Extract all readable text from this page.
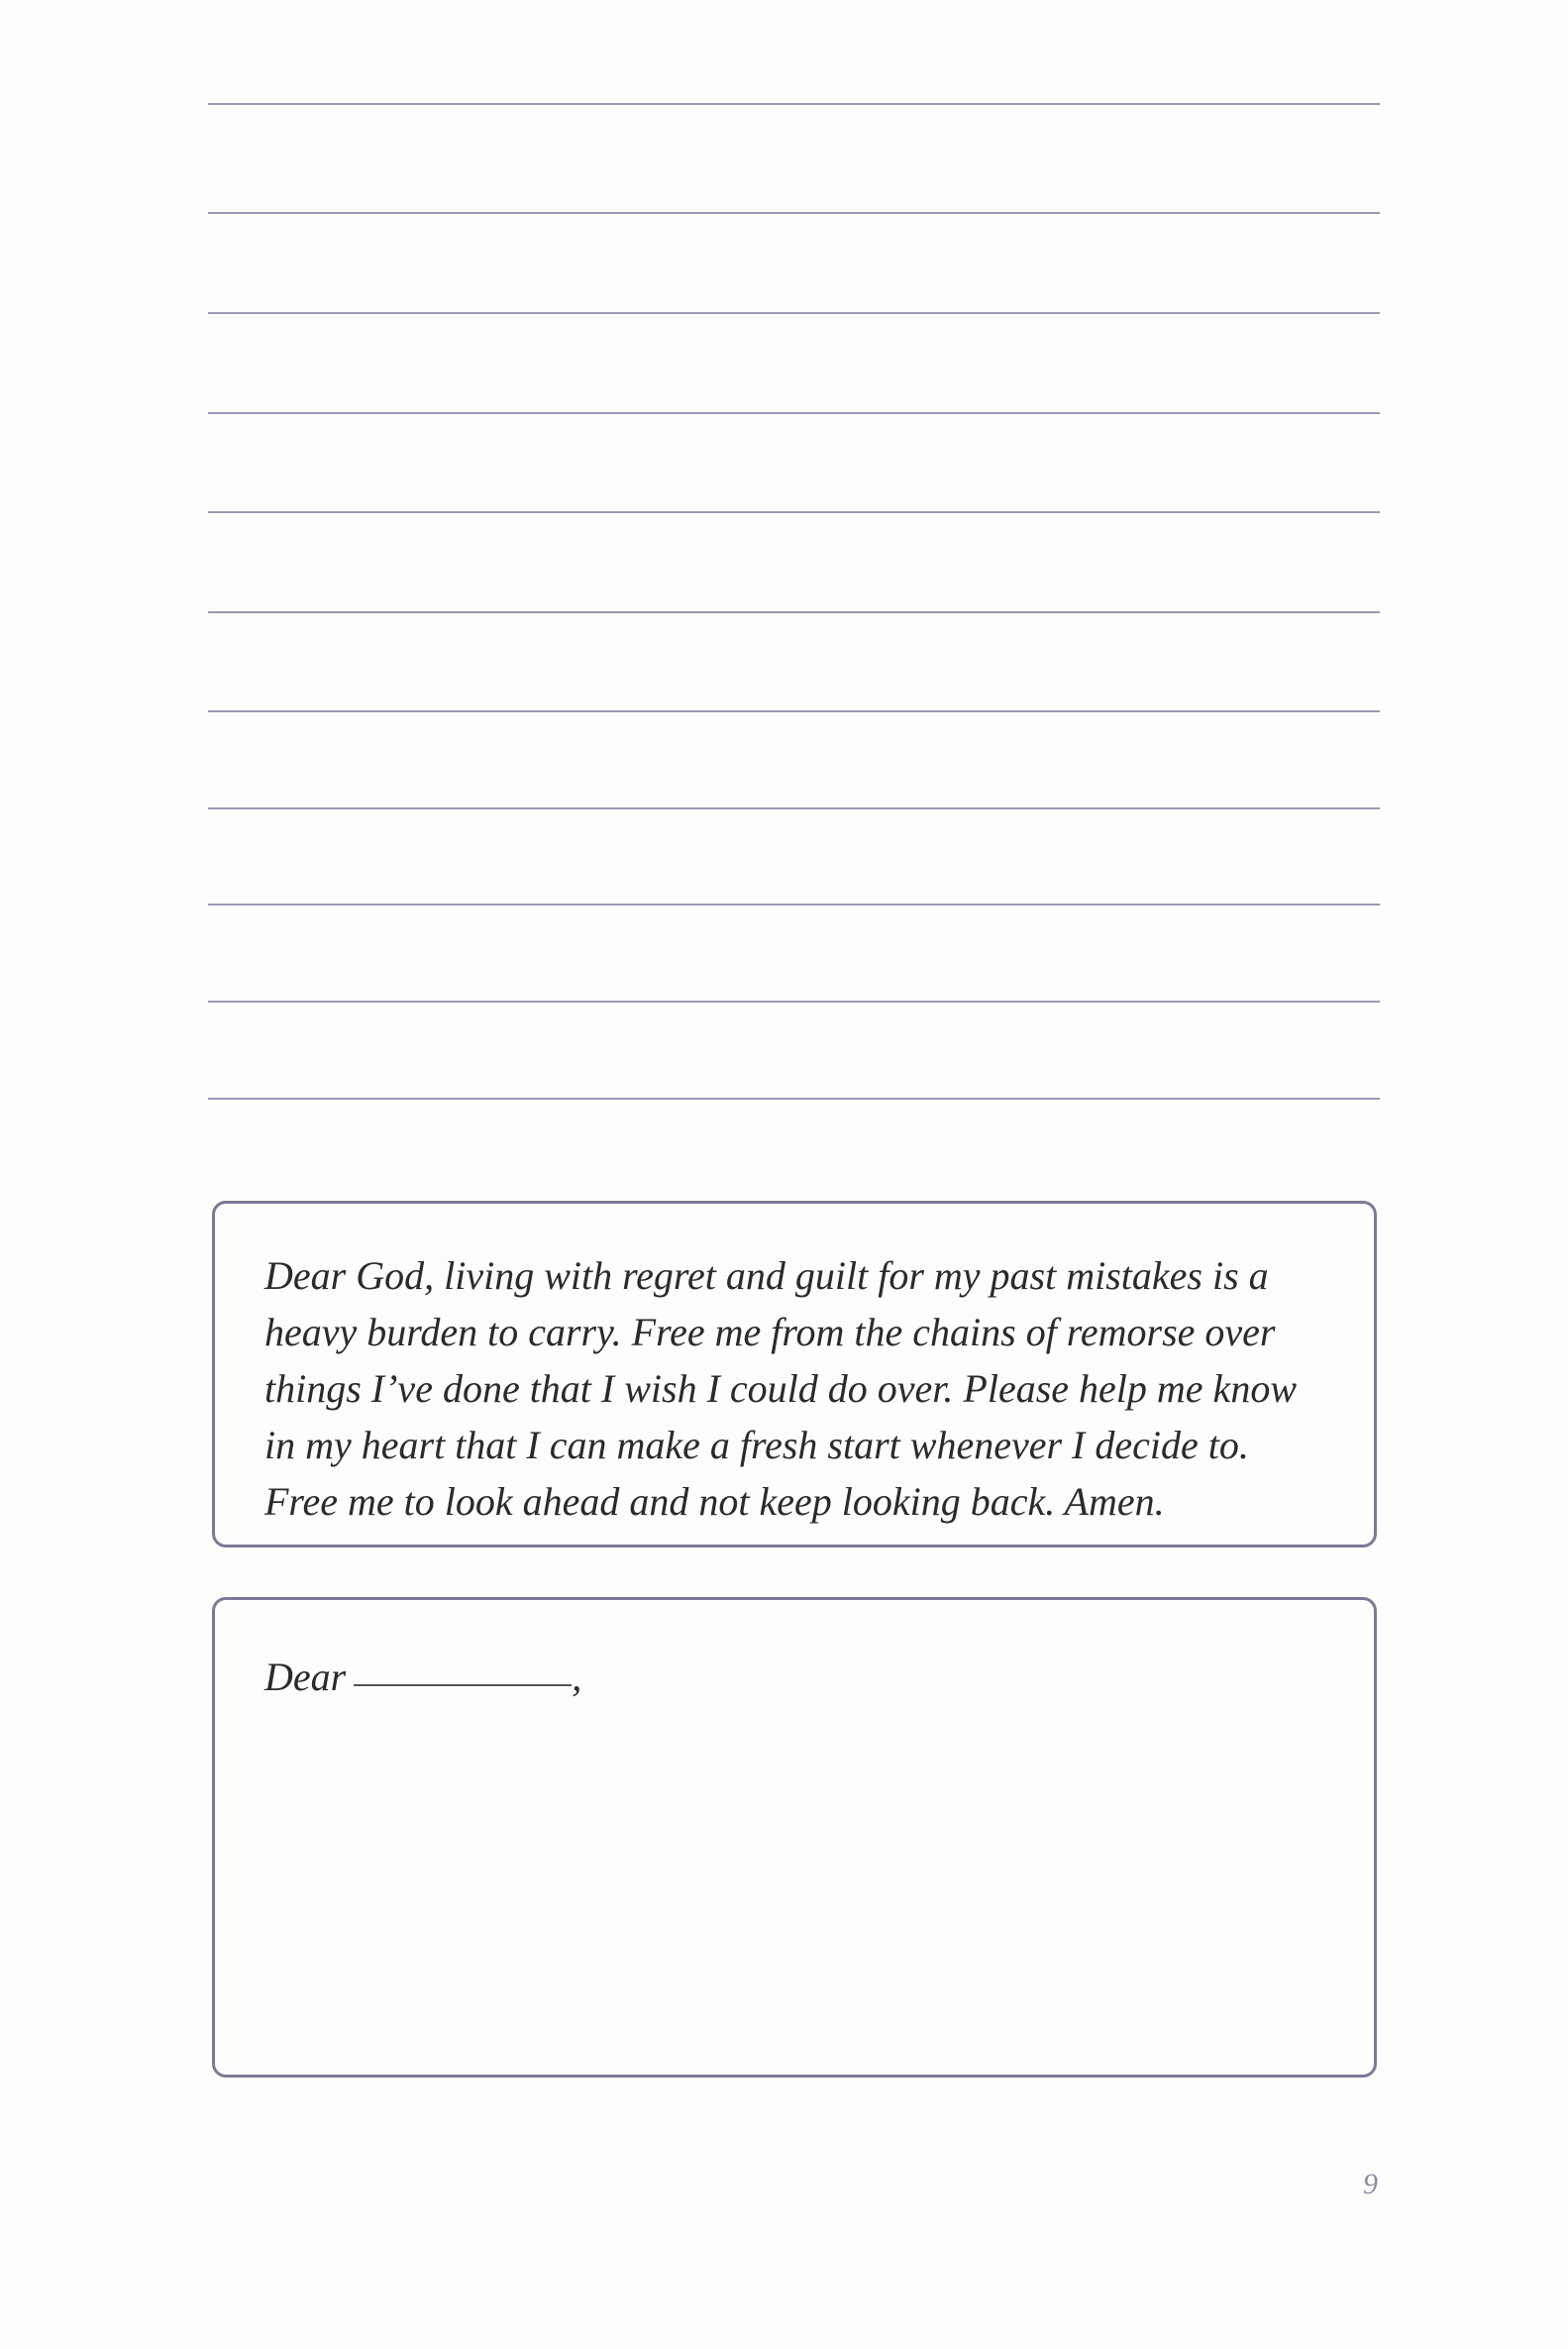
Dear God, living with regret and guilt for my past mistakes is a
heavy burden to carry. Free me from the chains of remorse over
things I’ve done that I wish I could do over. Please help me know
in my heart that I can make a fresh start whenever I decide to.
Free me to look ahead and not keep looking back. Amen.

Dear	,
9
